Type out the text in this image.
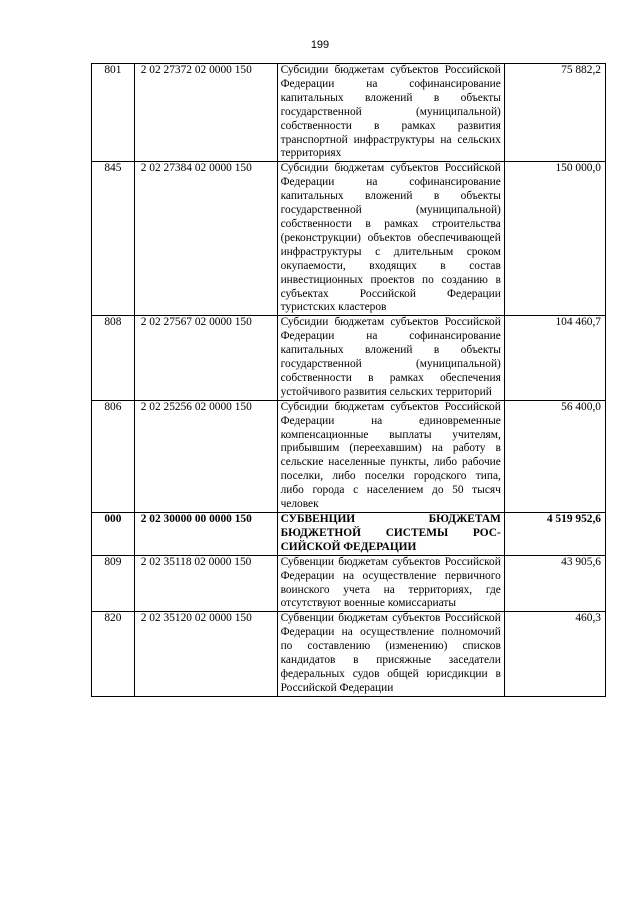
199
801	2 02 27372 02 0000 150	Субсидии бюджетам субъектов Российской Федерации на софинансирование капитальных вложений в объекты государственной (муниципальной) собственности в рамках развития транспортной инфраструктуры на сельских территориях	75 882,2
845	2 02 27384 02 0000 150	Субсидии бюджетам субъектов Российской Федерации на софинансирование капитальных вложений в объекты государственной (муниципальной) собственности в рамках строительства (реконструкции) объектов обеспечивающей инфраструктуры с длительным сроком окупаемости, входящих в состав инвестиционных проектов по созданию в субъектах Российской Федерации туристских кластеров	150 000,0
808	2 02 27567 02 0000 150	Субсидии бюджетам субъектов Российской Федерации на софинансирование капитальных вложений в объекты государственной (муниципальной) собственности в рамках обеспечения устойчивого развития сельских территорий	104 460,7
806	2 02 25256 02 0000 150	Субсидии бюджетам субъектов Российской Федерации на единовременные компенсационные выплаты учителям, прибывшим (переехавшим) на работу в сельские населенные пункты, либо рабочие поселки, либо поселки городского типа, либо города с населением до 50 тысяч человек	56 400,0
000	2 02 30000 00 0000 150	СУБВЕНЦИИ БЮДЖЕТАМ БЮДЖЕТНОЙ СИСТЕМЫ РОССИЙСКОЙ ФЕДЕРАЦИИ	4 519 952,6
809	2 02 35118 02 0000 150	Субвенции бюджетам субъектов Российской Федерации на осуществление первичного воинского учета на территориях, где отсутствуют военные комиссариаты	43 905,6
820	2 02 35120 02 0000 150	Субвенции бюджетам субъектов Российской Федерации на осуществление полномочий по составлению (изменению) списков кандидатов в присяжные заседатели федеральных судов общей юрисдикции в Российской Федерации	460,3
